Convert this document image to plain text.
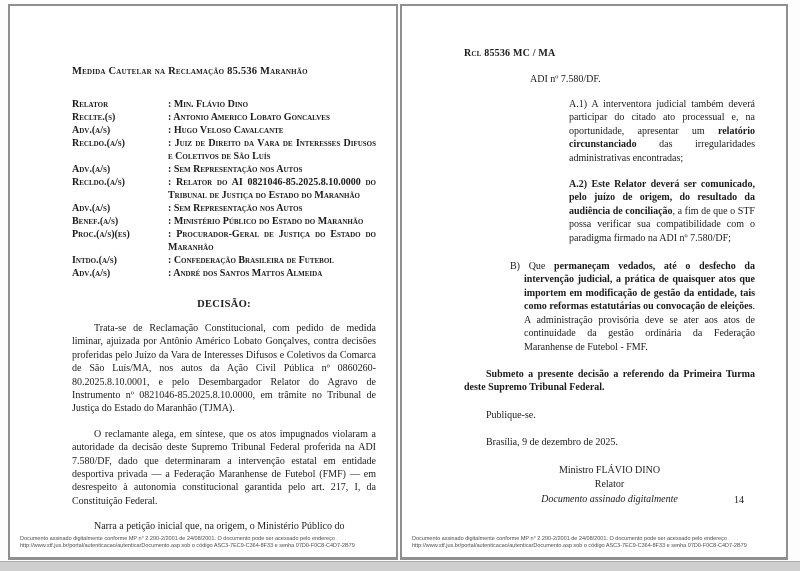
Medida Cautelar na Reclamação 85.536 Maranhão
Relator	: Min. Flávio Dino
Reclte.(s)	: Antonio Americo Lobato Goncalves
Adv.(a/s)	: Hugo Veloso Cavalcante
Recldo.(a/s)	: Juiz de Direito da Vara de Interesses Difusos e Coletivos de São Luís
Adv.(a/s)	: Sem Representação nos Autos
Recldo.(a/s)	: Relator do AI 0821046-85.2025.8.10.0000 do Tribunal de Justiça do Estado do Maranhão
Adv.(a/s)	: Sem Representação nos Autos
Benef.(a/s)	: Ministério Público do Estado do Maranhão
Proc.(a/s)(es)	: Procurador-Geral de Justiça do Estado do Maranhão
Intdo.(a/s)	: Confederação Brasileira de Futebol
Adv.(a/s)	: André dos Santos Mattos Almeida
DECISÃO:

Trata-se de Reclamação Constitucional, com pedido de medida liminar, ajuizada por Antônio Américo Lobato Gonçalves, contra decisões proferidas pelo Juízo da Vara de Interesses Difusos e Coletivos da Comarca de São Luís/MA, nos autos da Ação Civil Pública nº 0860260-80.2025.8.10.0001, e pelo Desembargador Relator do Agravo de Instrumento nº 0821046-85.2025.8.10.0000, em trâmite no Tribunal de Justiça do Estado do Maranhão (TJMA).

O reclamante alega, em síntese, que os atos impugnados violaram a autoridade da decisão deste Supremo Tribunal Federal proferida na ADI 7.580/DF, dado que determinaram a intervenção estatal em entidade desportiva privada — a Federação Maranhense de Futebol (FMF) — em desrespeito à autonomia constitucional garantida pelo art. 217, I, da Constituição Federal.

Narra a petição inicial que, na origem, o Ministério Público do

Documento assinado digitalmente conforme MP n° 2.200-2/2001 de 24/08/2001. O documento pode ser acessado pelo endereço
http://www.stf.jus.br/portal/autenticacao/autenticarDocumento.asp sob o código ASC3-7EC9-C364-8F33 e senha 07D0-F0C8-C4D7-2B79
Rcl 85536 MC / MA
ADI nº 7.580/DF.

A.1) A interventora judicial também deverá participar do citado ato processual e, na oportunidade, apresentar um relatório circunstanciado das irregularidades administrativas encontradas;

A.2) Este Relator deverá ser comunicado, pelo juízo de origem, do resultado da audiência de conciliação, a fim de que o STF possa verificar sua compatibilidade com o paradigma firmado na ADI nº 7.580/DF;

B) Que permaneçam vedados, até o desfecho da intervenção judicial, a prática de quaisquer atos que importem em modificação de gestão da entidade, tais como reformas estatutárias ou convocação de eleições. A administração provisória deve se ater aos atos de continuidade da gestão ordinária da Federação Maranhense de Futebol - FMF.

Submeto a presente decisão a referendo da Primeira Turma deste Supremo Tribunal Federal.

Publique-se.

Brasília, 9 de dezembro de 2025.

Ministro FLÁVIO DINO
Relator
Documento assinado digitalmente	14
Documento assinado digitalmente conforme MP n° 2.200-2/2001 de 24/08/2001. O documento pode ser acessado pelo endereço
http://www.stf.jus.br/portal/autenticacao/autenticarDocumento.asp sob o código ASC3-7EC9-C364-8F33 e senha 07D0-F0C8-C4D7-2B79
